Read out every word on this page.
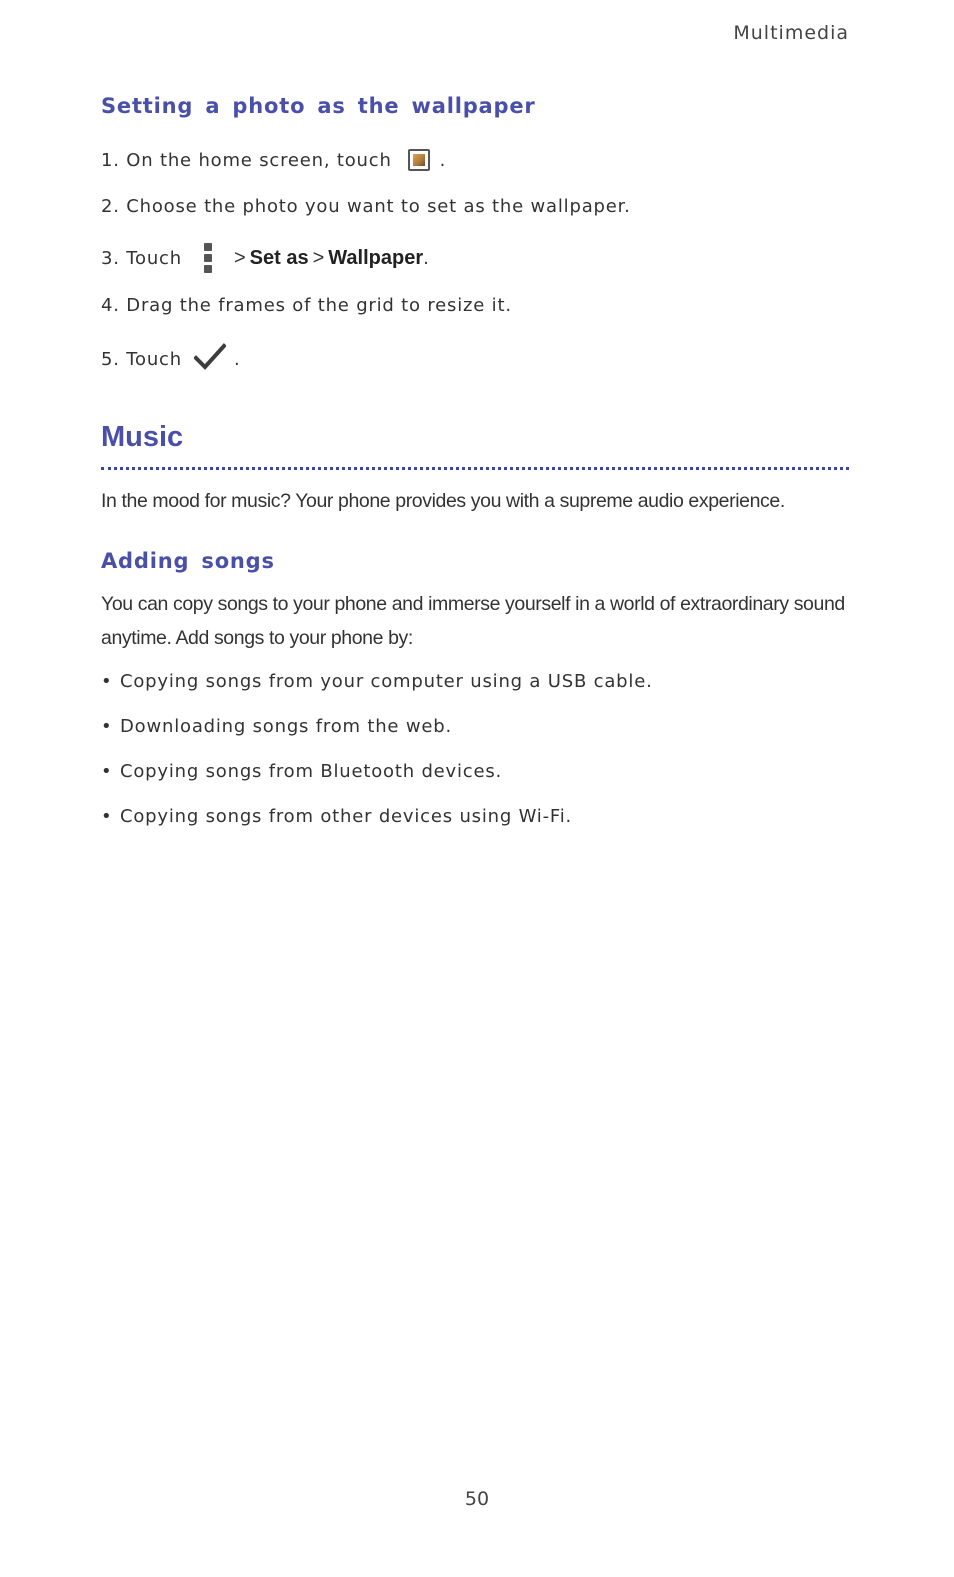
Multimedia
Setting a photo as the wallpaper
1. On the home screen, touch	.
2. Choose the photo you want to set as the wallpaper.
3. Touch	> Set as > Wallpaper .
4. Drag the frames of the grid to resize it.
5. Touch	.
Music
In the mood for music? Your phone provides you with a supreme audio experience.
Adding songs
You can copy songs to your phone and immerse yourself in a world of extraordinary sound anytime. Add songs to your phone by:
• Copying songs from your computer using a USB cable.
• Downloading songs from the web.
• Copying songs from Bluetooth devices.
• Copying songs from other devices using Wi-Fi.
50
